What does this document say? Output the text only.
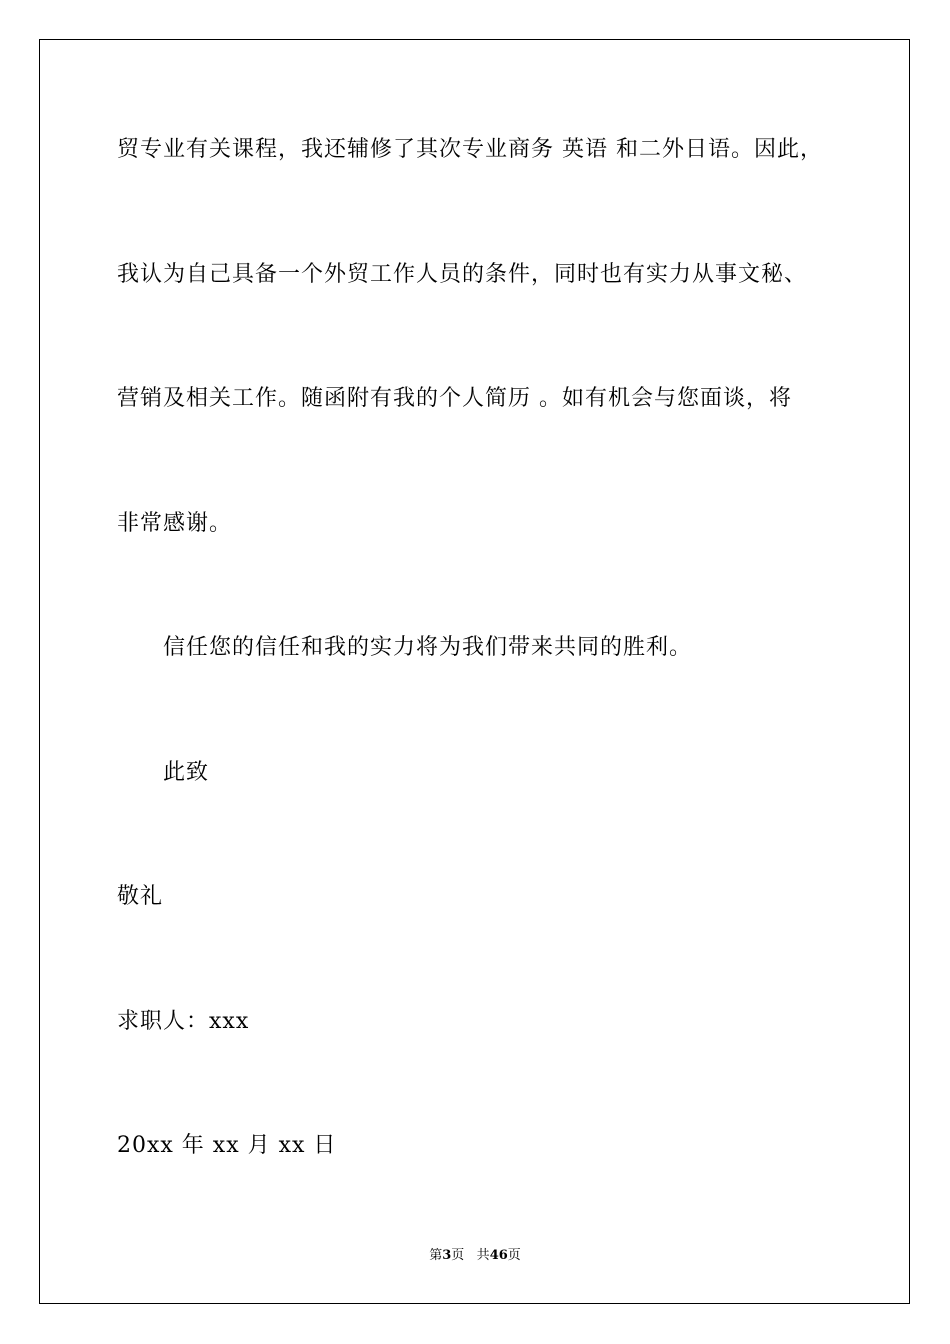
贸专业有关课程，我还辅修了其次专业商务 英语 和二外日语。因此，
我认为自己具备一个外贸工作人员的条件，同时也有实力从事文秘、
营销及相关工作。随函附有我的个人简历 。如有机会与您面谈，将
非常感谢。
信任您的信任和我的实力将为我们带来共同的胜利。
此致
敬礼
求职人：xxx
20xx 年 xx 月 xx 日
第3页 共46页
